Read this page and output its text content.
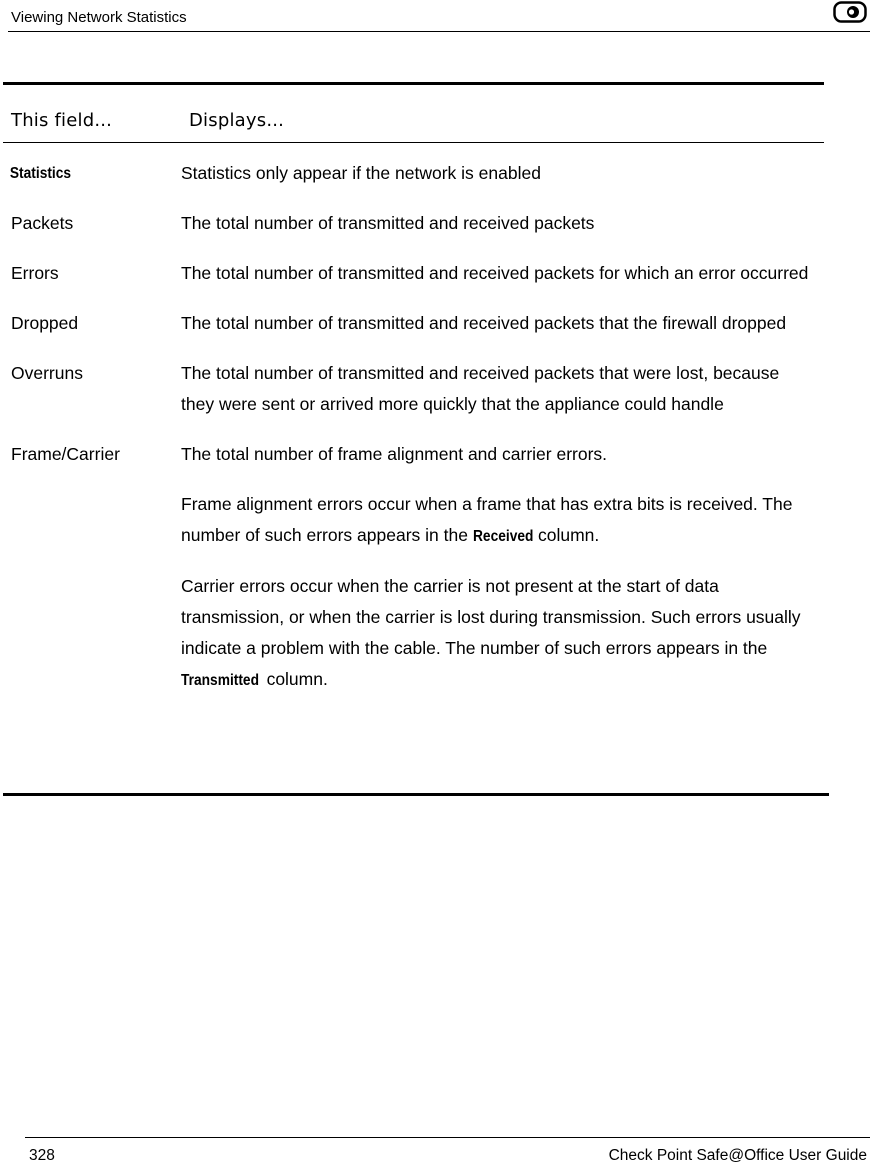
Viewing Network Statistics
This field...	Displays...
Statistics	Statistics only appear if the network is enabled

Packets	The total number of transmitted and received packets

Errors	The total number of transmitted and received packets for which an error occurred

Dropped	The total number of transmitted and received packets that the firewall dropped

Overruns	The total number of transmitted and received packets that were lost, because they were sent or arrived more quickly that the appliance could handle

Frame/Carrier	The total number of frame alignment and carrier errors.

Frame alignment errors occur when a frame that has extra bits is received. The number of such errors appears in the Received column.

Carrier errors occur when the carrier is not present at the start of data transmission, or when the carrier is lost during transmission. Such errors usually indicate a problem with the cable. The number of such errors appears in the Transmitted column.

328	Check Point Safe@Office User Guide
